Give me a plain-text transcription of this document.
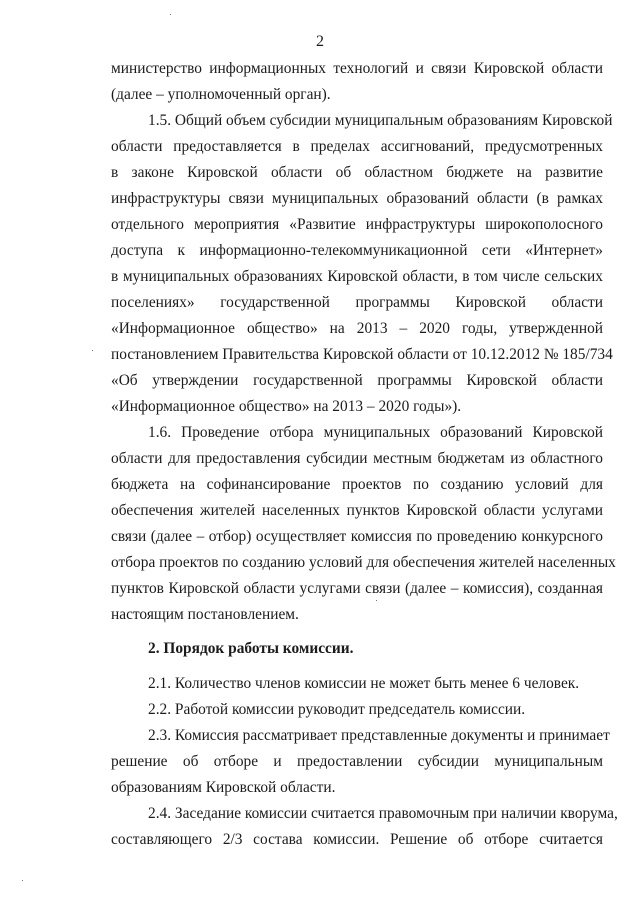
2
министерство информационных технологий и связи Кировской области
(далее – уполномоченный орган).
1.5. Общий объем субсидии муниципальным образованиям Кировской
области предоставляется в пределах ассигнований, предусмотренных
в законе Кировской области об областном бюджете на развитие
инфраструктуры связи муниципальных образований области (в рамках
отдельного мероприятия «Развитие инфраструктуры широкополосного
доступа к информационно-телекоммуникационной сети «Интернет»
в муниципальных образованиях Кировской области, в том числе сельских
поселениях» государственной программы Кировской области
«Информационное общество» на 2013 – 2020 годы, утвержденной
постановлением Правительства Кировской области от 10.12.2012 № 185/734
«Об утверждении государственной программы Кировской области
«Информационное общество» на 2013 – 2020 годы»).
1.6. Проведение отбора муниципальных образований Кировской
области для предоставления субсидии местным бюджетам из областного
бюджета на софинансирование проектов по созданию условий для
обеспечения жителей населенных пунктов Кировской области услугами
связи (далее – отбор) осуществляет комиссия по проведению конкурсного
отбора проектов по созданию условий для обеспечения жителей населенных
пунктов Кировской области услугами связи (далее – комиссия), созданная
настоящим постановлением.
2. Порядок работы комиссии.
2.1. Количество членов комиссии не может быть менее 6 человек.
2.2. Работой комиссии руководит председатель комиссии.
2.3. Комиссия рассматривает представленные документы и принимает
решение об отборе и предоставлении субсидии муниципальным
образованиям Кировской области.
2.4. Заседание комиссии считается правомочным при наличии кворума,
составляющего 2/3 состава комиссии. Решение об отборе считается
